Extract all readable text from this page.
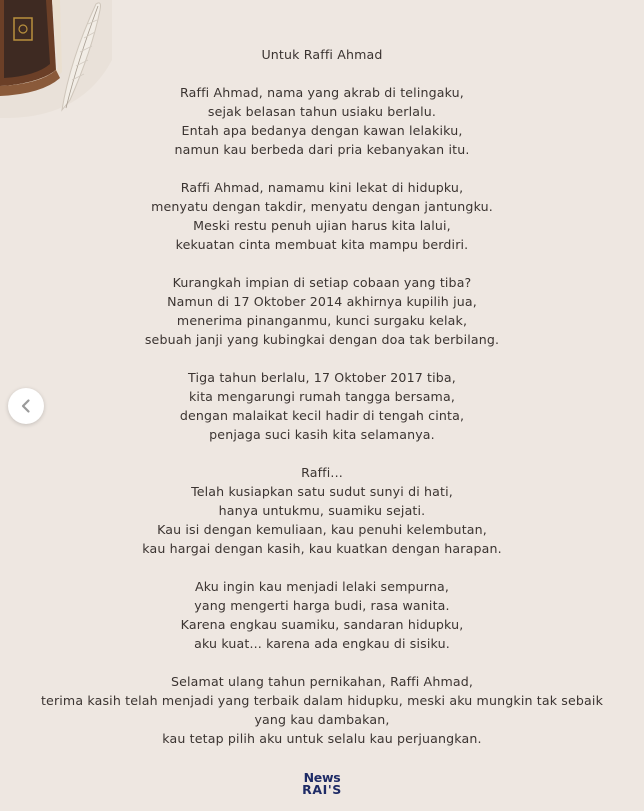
Untuk Raffi Ahmad
Raffi Ahmad, nama yang akrab di telingaku,
sejak belasan tahun usiaku berlalu.
Entah apa bedanya dengan kawan lelakiku,
namun kau berbeda dari pria kebanyakan itu.
Raffi Ahmad, namamu kini lekat di hidupku,
menyatu dengan takdir, menyatu dengan jantungku.
Meski restu penuh ujian harus kita lalui,
kekuatan cinta membuat kita mampu berdiri.
Kurangkah impian di setiap cobaan yang tiba?
Namun di 17 Oktober 2014 akhirnya kupilih jua,
menerima pinanganmu, kunci surgaku kelak,
sebuah janji yang kubingkai dengan doa tak berbilang.
Tiga tahun berlalu, 17 Oktober 2017 tiba,
kita mengarungi rumah tangga bersama,
dengan malaikat kecil hadir di tengah cinta,
penjaga suci kasih kita selamanya.
Raffi...
Telah kusiapkan satu sudut sunyi di hati,
hanya untukmu, suamiku sejati.
Kau isi dengan kemuliaan, kau penuhi kelembutan,
kau hargai dengan kasih, kau kuatkan dengan harapan.
Aku ingin kau menjadi lelaki sempurna,
yang mengerti harga budi, rasa wanita.
Karena engkau suamiku, sandaran hidupku,
aku kuat... karena ada engkau di sisiku.
Selamat ulang tahun pernikahan, Raffi Ahmad,
terima kasih telah menjadi yang terbaik dalam hidupku, meski aku mungkin tak sebaik
yang kau dambakan,
kau tetap pilih aku untuk selalu kau perjuangkan.
News
RAI'S
